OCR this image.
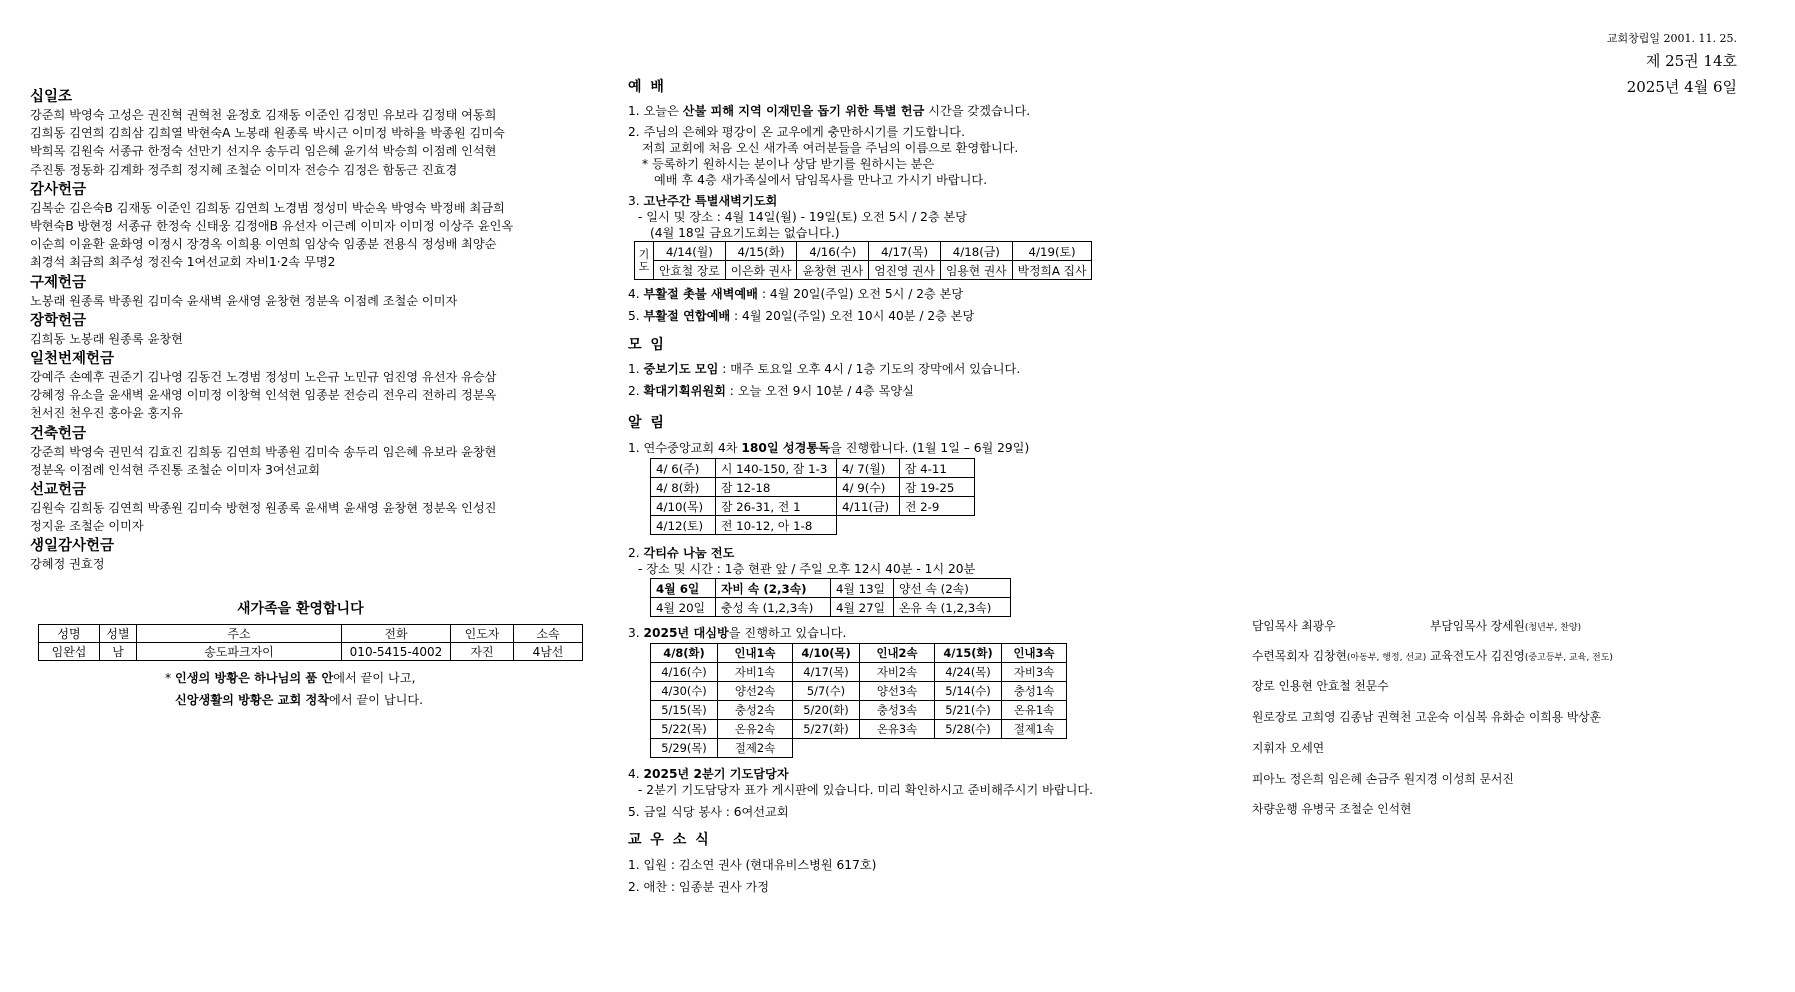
교회창립일 2001. 11. 25.
제 25권 14호
2025년 4월 6일
십일조
강준희 박영숙 고성은 권진혁 권혁천 윤정호 김재동 이준인 김정민 유보라 김정태 여동희
김희동 김연희 김희삼 김희열 박현숙A 노봉래 원종록 박시근 이미정 박하율 박종원 김미숙
박희목 김원숙 서종규 한정숙 선만기 선지우 송두리 임은혜 윤기석 박승희 이점례 인석현
주진통 정동화 김계화 정주희 정지혜 조철순 이미자 전승수 김정은 함동근 진효경
감사헌금
김복순 김은숙B 김재동 이준인 김희동 김연희 노경범 정성미 박순옥 박영숙 박정배 최금희
박현숙B 방현정 서종규 한정숙 신태웅 김정애B 유선자 이근례 이미자 이미정 이상주 윤인옥
이순희 이윤환 윤화영 이정시 장경옥 이희용 이연희 임상숙 임종분 전용식 정성배 최양순
최경석 최금희 최주성 정진숙 1여선교회 자비1·2속 무명2
구제헌금
노봉래 원종록 박종원 김미숙 윤새벽 윤새영 윤창현 정분옥 이점례 조철순 이미자
장학헌금
김희동 노봉래 원종록 윤창현
일천번제헌금
강예주 손예후 권준기 김나영 김동건 노경범 정성미 노은규 노민규 엄진영 유선자 유승삼
강혜정 유소을 윤새벽 윤새영 이미정 이창혁 인석현 임종분 전승리 전우리 전하리 정분옥
천서진 천우진 홍아윤 홍지유
건축헌금
강준희 박영숙 권민석 김효진 김희동 김연희 박종원 김미숙 송두리 임은혜 유보라 윤창현
정분옥 이점례 인석현 주진통 조철순 이미자 3여선교회
선교헌금
김원숙 김희동 김연희 박종원 김미숙 방현정 원종록 윤새벽 윤새영 윤창현 정분옥 인성진
정지윤 조철순 이미자
생일감사헌금
강혜정 권효정
새가족을 환영합니다
성명	성별	주소	전화	인도자	소속
임완섭	남	송도파크자이	010-5415-4002	자진	4남선
* 인생의 방황은 하나님의 품 안에서 끝이 나고,
신앙생활의 방황은 교회 정착에서 끝이 납니다.
예 배
1. 오늘은 산불 피해 지역 이재민을 돕기 위한 특별 헌금 시간을 갖겠습니다.
2. 주님의 은혜와 평강이 온 교우에게 충만하시기를 기도합니다.
저희 교회에 처음 오신 새가족 여러분들을 주님의 이름으로 환영합니다.
* 등록하기 원하시는 분이나 상담 받기를 원하시는 분은
예배 후 4층 새가족실에서 담임목사를 만나고 가시기 바랍니다.
3. 고난주간 특별새벽기도회
- 일시 및 장소 : 4월 14일(월) - 19일(토) 오전 5시 / 2층 본당
(4월 18일 금요기도회는 없습니다.)
기도	4/14(월)	4/15(화)	4/16(수)	4/17(목)	4/18(금)	4/19(토)
	안효철 장로	이은화 권사	윤창현 권사	엄진영 권사	임용현 권사	박정희A 집사
4. 부활절 촛불 새벽예배 : 4월 20일(주일) 오전 5시 / 2층 본당
5. 부활절 연합예배 : 4월 20일(주일) 오전 10시 40분 / 2층 본당
모 임
1. 중보기도 모임 : 매주 토요일 오후 4시 / 1층 기도의 장막에서 있습니다.
2. 확대기획위원회 : 오늘 오전 9시 10분 / 4층 목양실
알 림
1. 연수중앙교회 4차 180일 성경통독을 진행합니다. (1월 1일 – 6월 29일)
4/ 6(주)	시 140-150, 잠 1-3	4/ 7(월)	잠 4-11
4/ 8(화)	잠 12-18	4/ 9(수)	잠 19-25
4/10(목)	잠 26-31, 전 1	4/11(금)	전 2-9
4/12(토)	전 10-12, 아 1-8		
2. 각티슈 나눔 전도
- 장소 및 시간 : 1층 현관 앞 / 주일 오후 12시 40분 - 1시 20분
4월 6일	자비 속 (2,3속)	4월 13일	양선 속 (2속)
4월 20일	충성 속 (1,2,3속)	4월 27일	온유 속 (1,2,3속)
3. 2025년 대심방을 진행하고 있습니다.
4/8(화)	인내1속	4/10(목)	인내2속	4/15(화)	인내3속
4/16(수)	자비1속	4/17(목)	자비2속	4/24(목)	자비3속
4/30(수)	양선2속	5/7(수)	양선3속	5/14(수)	충성1속
5/15(목)	충성2속	5/20(화)	충성3속	5/21(수)	온유1속
5/22(목)	온유2속	5/27(화)	온유3속	5/28(수)	절제1속
5/29(목)	절제2속				
4. 2025년 2분기 기도담당자
- 2분기 기도담당자 표가 게시판에 있습니다. 미리 확인하시고 준비해주시기 바랍니다.
5. 금일 식당 봉사 : 6여선교회
교 우 소 식
1. 입원 : 김소연 권사 (현대유비스병원 617호)
2. 애찬 : 임종분 권사 가정
담임목사 최광우	부담임목사 장세원(청년부, 찬양)
수련목회자 김창현(아동부, 행정, 선교) 교육전도사 김진영(중고등부, 교육, 전도)
장로 인용현 안효철 천문수
원로장로 고희영 김종남 권혁천 고운숙 이심복 유화순 이희용 박상훈
지휘자 오세연
피아노 정은희 임은혜 손금주 원지경 이성희 문서진
차량운행 유병국 조철순 인석현
